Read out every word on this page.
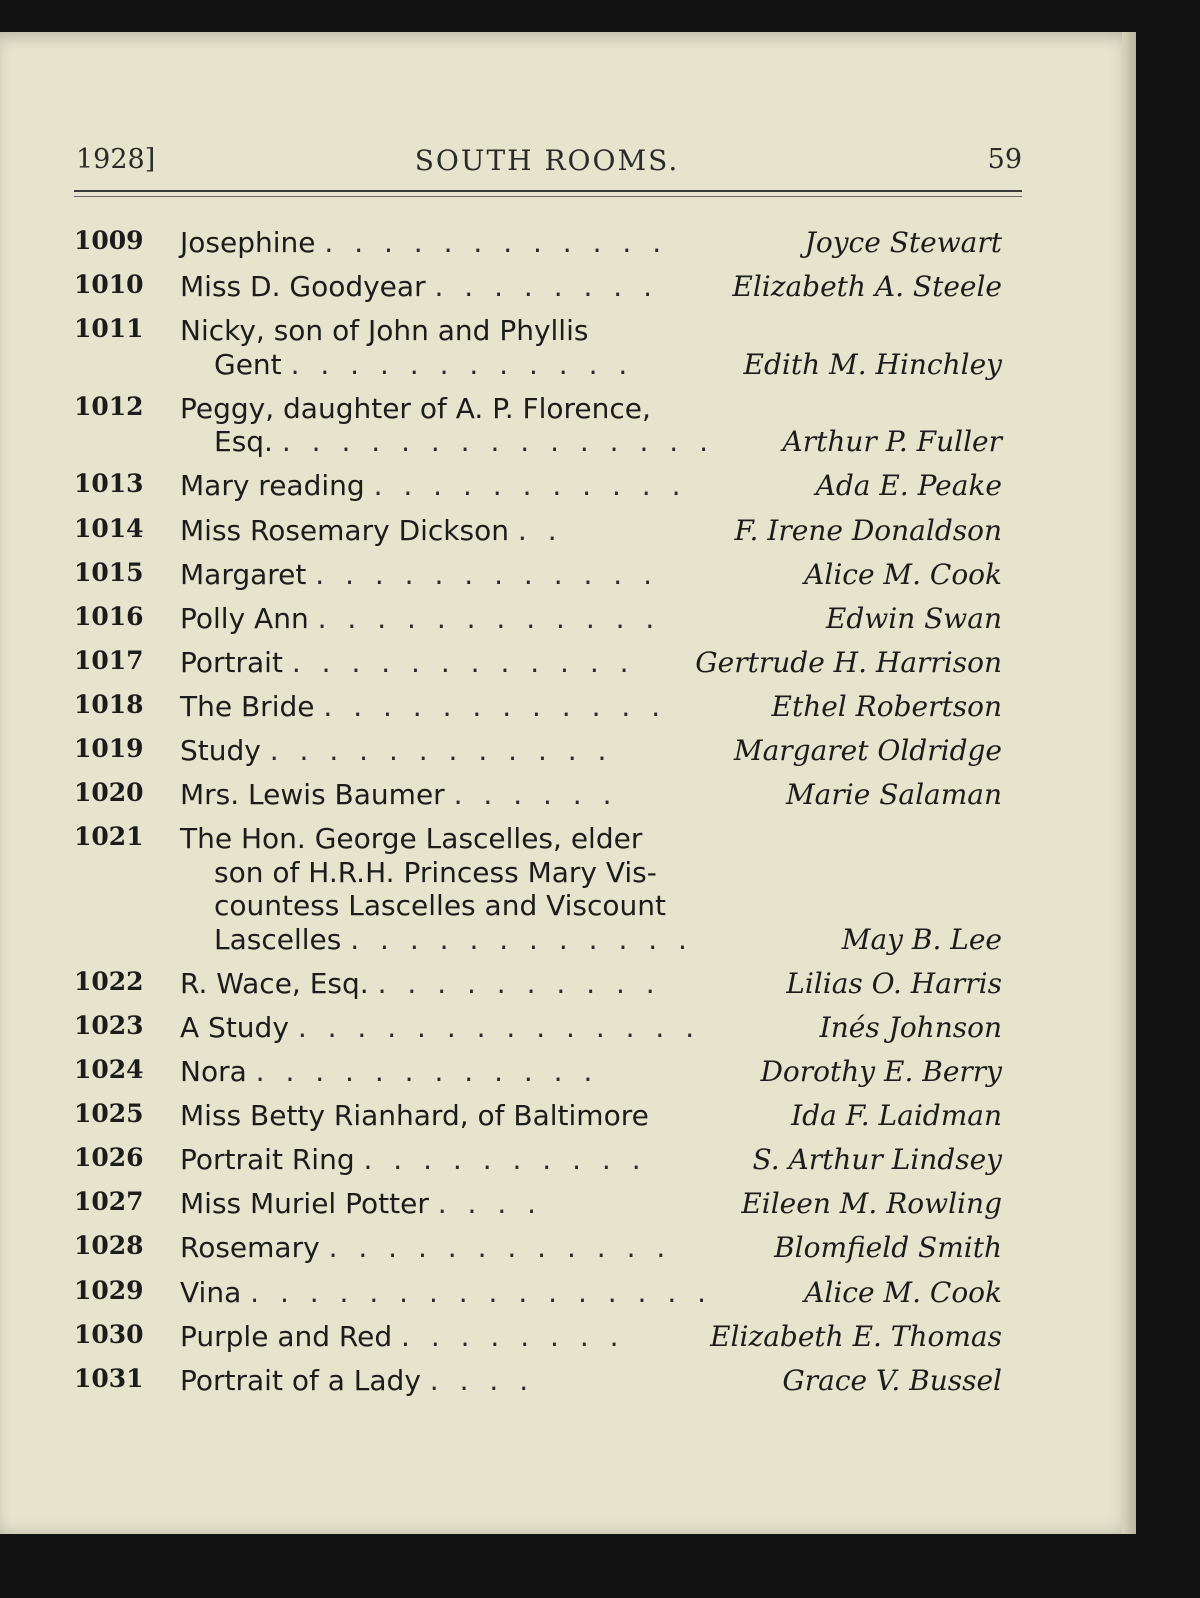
1928]	SOUTH ROOMS.	59
1009 Josephine . . . . . . . . . . . .	Joyce Stewart
1010 Miss D. Goodyear . . . . . . . .	Elizabeth A. Steele
1011 Nicky, son of John and Phyllis
Gent . . . . . . . . . . . .	Edith M. Hinchley
1012 Peggy, daughter of A. P. Florence,
Esq. . . . . . . . . . . . . . . . Arthur P. Fuller
1013 Mary reading . . . . . . . . . . .	Ada E. Peake
1014 Miss Rosemary Dickson . .	F. Irene Donaldson
1015 Margaret . . . . . . . . . . . .	Alice M. Cook
1016 Polly Ann . . . . . . . . . . . .	Edwin Swan
1017 Portrait . . . . . . . . . . . .	Gertrude H. Harrison
1018 The Bride . . . . . . . . . . . .	Ethel Robertson
1019 Study . . . . . . . . . . . .	Margaret Oldridge
1020 Mrs. Lewis Baumer . . . . . .	Marie Salaman
1021 The Hon. George Lascelles, elder
son of H.R.H. Princess Mary Vis-
countess Lascelles and Viscount
Lascelles . . . . . . . . . . . .	May B. Lee
1022 R. Wace, Esq. . . . . . . . . . .	Lilias O. Harris
1023 A Study . . . . . . . . . . . . . .	Inés Johnson
1024 Nora . . . . . . . . . . . .	Dorothy E. Berry
1025 Miss Betty Rianhard, of Baltimore	Ida F. Laidman
1026 Portrait Ring . . . . . . . . . .	S. Arthur Lindsey
1027 Miss Muriel Potter . . . .	Eileen M. Rowling
1028 Rosemary . . . . . . . . . . . .	Blomfield Smith
1029 Vina . . . . . . . . . . . . . . . .	Alice M. Cook
1030 Purple and Red . . . . . . . .	Elizabeth E. Thomas
1031 Portrait of a Lady . . . .	Grace V. Bussel
